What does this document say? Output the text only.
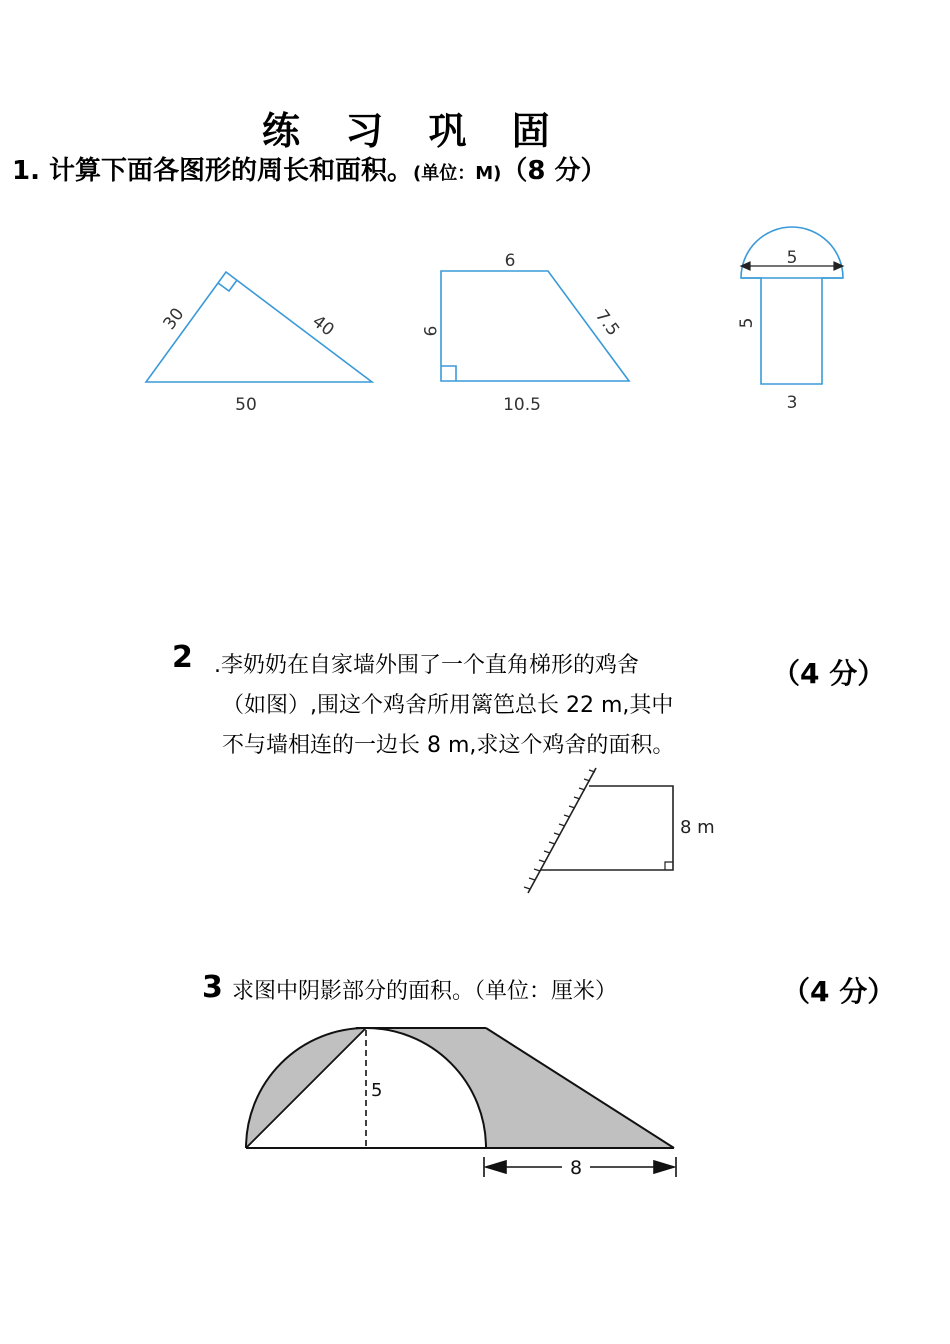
练 习 巩 固
1. 计算下面各图形的周长和面积。(单位：M)（8 分）
30	40
50
6
9	7.5
10.5
5
5
3
2 .李奶奶在自家墙外围了一个直角梯形的鸡舍
（如图）,围这个鸡舍所用篱笆总长 22 m,其中
不与墙相连的一边长 8 m,求这个鸡舍的面积。
（4 分）
8 m
3 求图中阴影部分的面积。（单位：厘米）	（4 分）
5
8
